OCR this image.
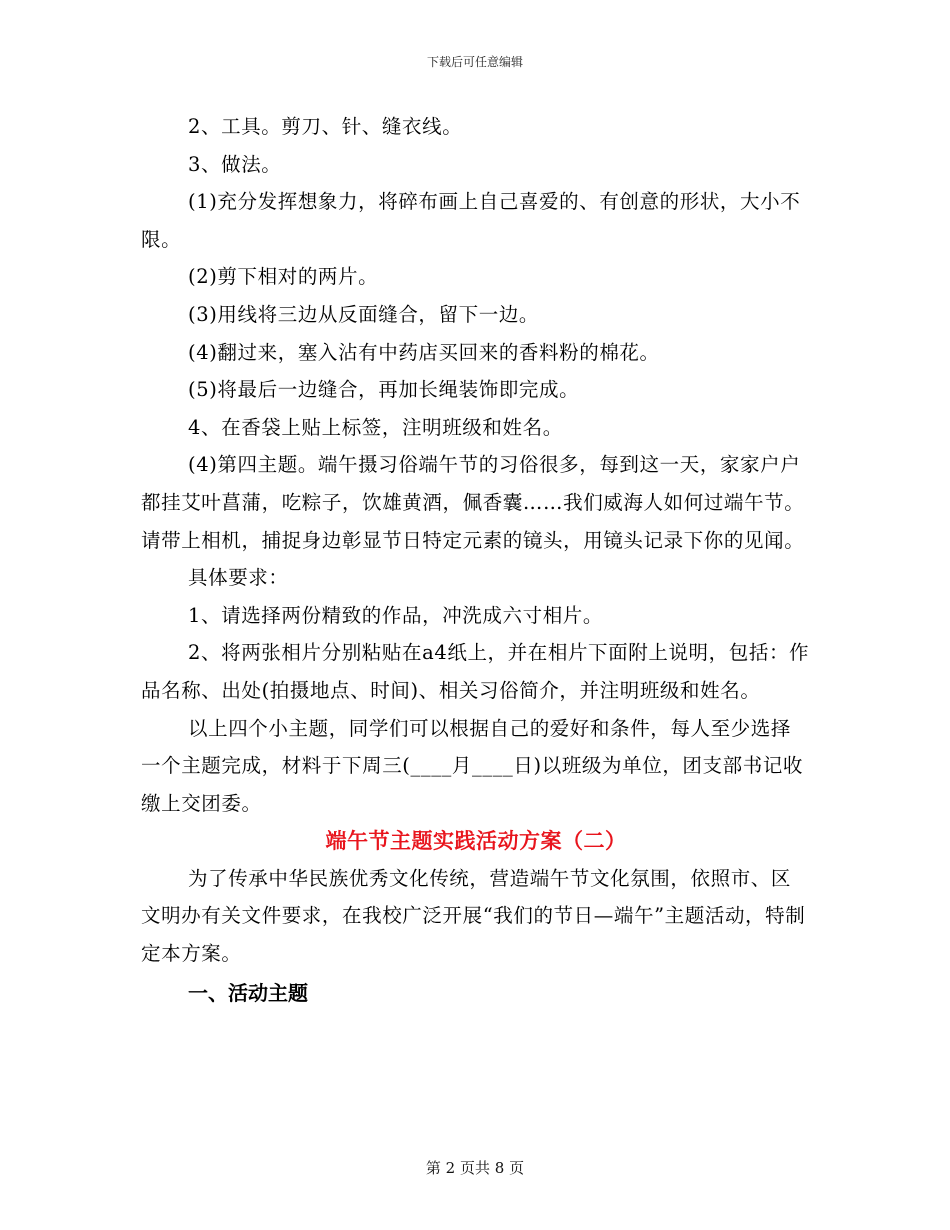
下载后可任意编辑

2、工具。剪刀、针、缝衣线。

3、做法。

(1)充分发挥想象力，将碎布画上自己喜爱的、有创意的形状，大小不限。

(2)剪下相对的两片。

(3)用线将三边从反面缝合，留下一边。

(4)翻过来，塞入沾有中药店买回来的香料粉的棉花。

(5)将最后一边缝合，再加长绳装饰即完成。

4、在香袋上贴上标签，注明班级和姓名。

(4)第四主题。端午摄习俗端午节的习俗很多，每到这一天，家家户户都挂艾叶菖蒲，吃粽子，饮雄黄酒，佩香囊……我们威海人如何过端午节。请带上相机，捕捉身边彰显节日特定元素的镜头，用镜头记录下你的见闻。

具体要求：

1、请选择两份精致的作品，冲洗成六寸相片。

2、将两张相片分别粘贴在a4纸上，并在相片下面附上说明，包括：作品名称、出处(拍摄地点、时间)、相关习俗简介，并注明班级和姓名。

以上四个小主题，同学们可以根据自己的爱好和条件，每人至少选择一个主题完成，材料于下周三(____月____日)以班级为单位，团支部书记收缴上交团委。

端午节主题实践活动方案（二）

为了传承中华民族优秀文化传统，营造端午节文化氛围，依照市、区文明办有关文件要求，在我校广泛开展“我们的节日—端午”主题活动，特制定本方案。

一、活动主题

第 2 页共 8 页
